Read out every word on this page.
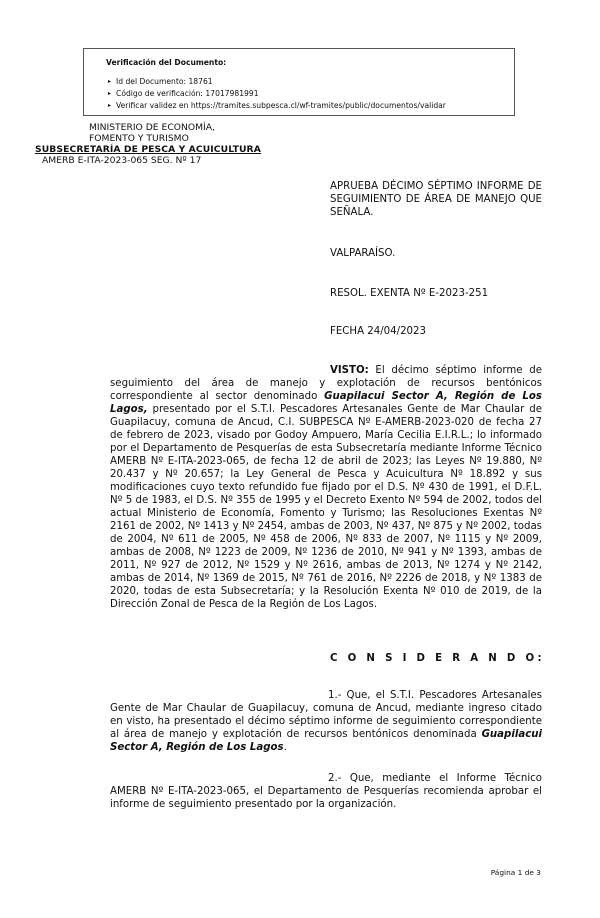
Verificación del Documento:
▸ Id del Documento: 18761
▸ Código de verificación: 17017981991
▸ Verificar validez en https://tramites.subpesca.cl/wf-tramites/public/documentos/validar
MINISTERIO DE ECONOMÍA,
FOMENTO Y TURISMO
SUBSECRETARÍA DE PESCA Y ACUICULTURA
AMERB E-ITA-2023-065 SEG. Nº 17
APRUEBA DÉCIMO SÉPTIMO INFORME DE SEGUIMIENTO DE ÁREA DE MANEJO QUE SEÑALA.
VALPARAÍSO.
RESOL. EXENTA Nº E-2023-251
FECHA 24/04/2023
VISTO: El décimo séptimo informe de seguimiento del área de manejo y explotación de recursos bentónicos correspondiente al sector denominado Guapilacui Sector A, Región de Los Lagos, presentado por el S.T.I. Pescadores Artesanales Gente de Mar Chaular de Guapilacuy, comuna de Ancud, C.I. SUBPESCA Nº E-AMERB-2023-020 de fecha 27 de febrero de 2023, visado por Godoy Ampuero, María Cecilia E.I.R.L.; lo informado por el Departamento de Pesquerías de esta Subsecretaría mediante Informe Técnico AMERB Nº E-ITA-2023-065, de fecha 12 de abril de 2023; las Leyes Nº 19.880, Nº 20.437 y Nº 20.657; la Ley General de Pesca y Acuicultura Nº 18.892 y sus modificaciones cuyo texto refundido fue fijado por el D.S. Nº 430 de 1991, el D.F.L. Nº 5 de 1983, el D.S. Nº 355 de 1995 y el Decreto Exento Nº 594 de 2002, todos del actual Ministerio de Economía, Fomento y Turismo; las Resoluciones Exentas Nº 2161 de 2002, Nº 1413 y Nº 2454, ambas de 2003, Nº 437, Nº 875 y Nº 2002, todas de 2004, Nº 611 de 2005, Nº 458 de 2006, Nº 833 de 2007, Nº 1115 y Nº 2009, ambas de 2008, Nº 1223 de 2009, Nº 1236 de 2010, Nº 941 y Nº 1393, ambas de 2011, Nº 927 de 2012, Nº 1529 y Nº 2616, ambas de 2013, Nº 1274 y Nº 2142, ambas de 2014, Nº 1369 de 2015, Nº 761 de 2016, Nº 2226 de 2018, y Nº 1383 de 2020, todas de esta Subsecretaría; y la Resolución Exenta Nº 010 de 2019, de la Dirección Zonal de Pesca de la Región de Los Lagos.
C O N S I D E R A N D O:
1.- Que, el S.T.I. Pescadores Artesanales Gente de Mar Chaular de Guapilacuy, comuna de Ancud, mediante ingreso citado en visto, ha presentado el décimo séptimo informe de seguimiento correspondiente al área de manejo y explotación de recursos bentónicos denominada Guapilacui Sector A, Región de Los Lagos.
2.- Que, mediante el Informe Técnico AMERB Nº E-ITA-2023-065, el Departamento de Pesquerías recomienda aprobar el informe de seguimiento presentado por la organización.
Página 1 de 3
